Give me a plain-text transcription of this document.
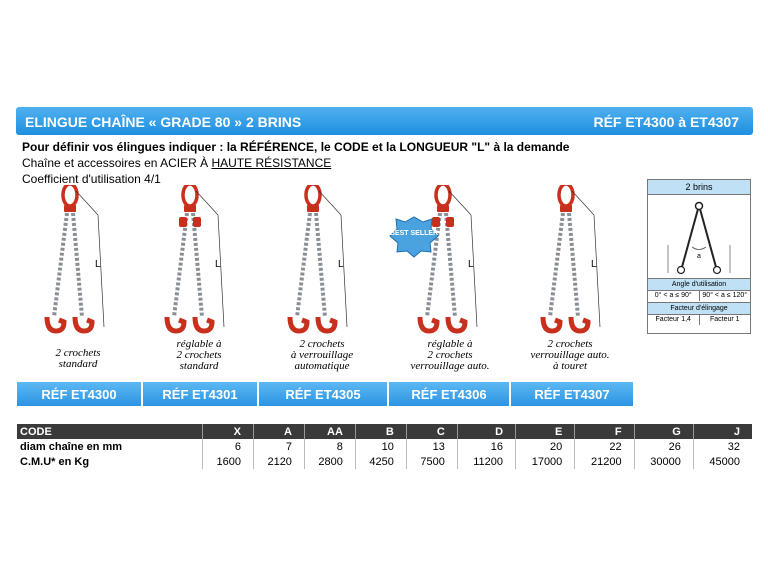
ELINGUE CHAÎNE « GRADE 80 » 2 BRINS	RÉF ET4300 à ET4307
Pour définir vos élingues indiquer : la RÉFÉRENCE, le CODE et la LONGUEUR "L" à la demande
Chaîne et accessoires en ACIER À HAUTE RÉSISTANCE
Coefficient d'utilisation 4/1
L	L	L	L	L
BEST SELLER
2 crochets
standard
réglable à
2 crochets
standard
2 crochets
à verrouillage
automatique
réglable à
2 crochets
verrouillage auto.
2 crochets
verrouillage auto.
à touret
RÉF ET4300	RÉF ET4301	RÉF ET4305	RÉF ET4306	RÉF ET4307
2 brins
a
Angle d'utilisation
0° < a ≤ 90°	90° < a ≤ 120°
Facteur d'élingage
Facteur 1,4	Facteur 1
CODE	X	A	AA	B	C	D	E	F	G	J
diam chaîne en mm	6	7	8	10	13	16	20	22	26	32
C.M.U* en Kg	1600	2120	2800	4250	7500	11200	17000	21200	30000	45000
